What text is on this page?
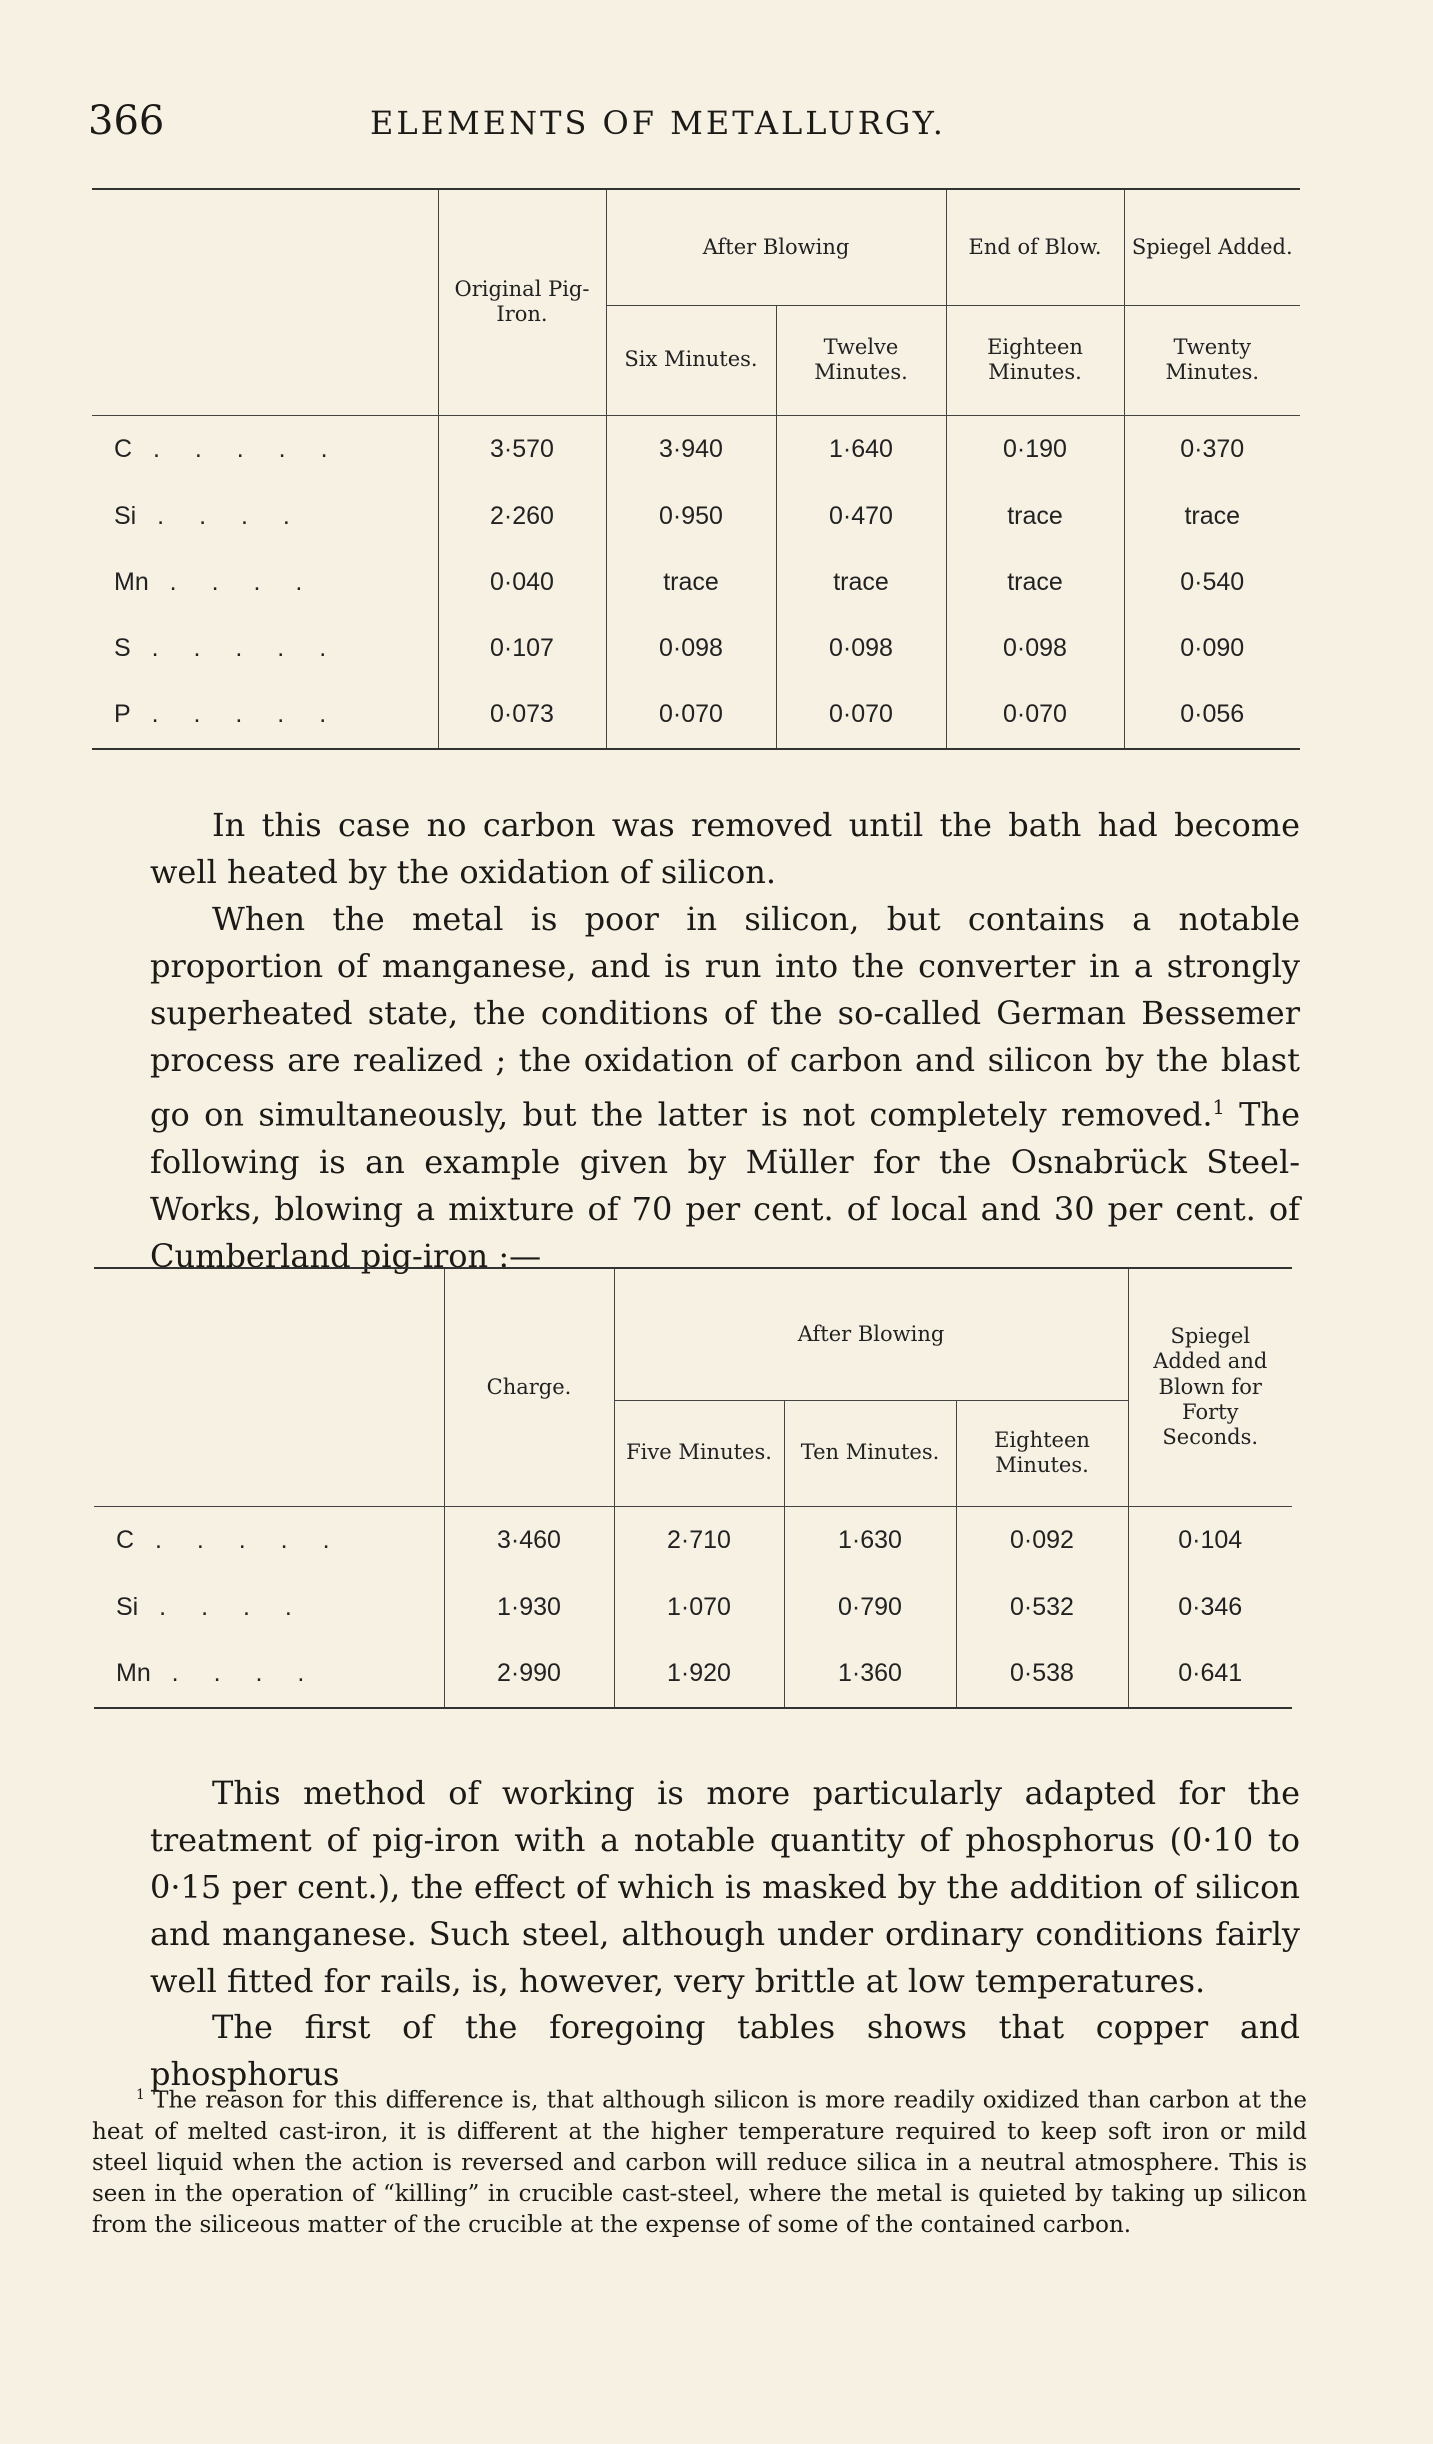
366	ELEMENTS OF METALLURGY.
	Original Pig-Iron.	After Blowing		End of Blow.	Spiegel Added.
		Six Minutes.	Twelve Minutes.	Eighteen Minutes.	Twenty Minutes.
C . . . . .	3·570	3·940	1·640	0·190	0·370
Si . . . .	2·260	0·950	0·470	trace	trace
Mn . . . .	0·040	trace	trace	trace	0·540
S . . . . .	0·107	0·098	0·098	0·098	0·090
P . . . . .	0·073	0·070	0·070	0·070	0·056
In this case no carbon was removed until the bath had become well heated by the oxidation of silicon.
When the metal is poor in silicon, but contains a notable proportion of manganese, and is run into the converter in a strongly superheated state, the conditions of the so-called German Bessemer process are realized ; the oxidation of carbon and silicon by the blast go on simultaneously, but the latter is not completely removed.$^1$ The following is an example given by Müller for the Osnabrück Steel-Works, blowing a mixture of 70 per cent. of local and 30 per cent. of Cumberland pig-iron :—
	Charge.	After Blowing			Spiegel Added and Blown for Forty Seconds.
		Five Minutes.	Ten Minutes.	Eighteen Minutes.	
C . . . . .	3·460	2·710	1·630	0·092	0·104
Si . . . .	1·930	1·070	0·790	0·532	0·346
Mn . . . .	2·990	1·920	1·360	0·538	0·641
This method of working is more particularly adapted for the treatment of pig-iron with a notable quantity of phosphorus (0·10 to 0·15 per cent.), the effect of which is masked by the addition of silicon and manganese. Such steel, although under ordinary conditions fairly well fitted for rails, is, however, very brittle at low temperatures.
The first of the foregoing tables shows that copper and phosphorus
$^1$ The reason for this difference is, that although silicon is more readily oxidized than carbon at the heat of melted cast-iron, it is different at the higher temperature required to keep soft iron or mild steel liquid when the action is reversed and carbon will reduce silica in a neutral atmosphere. This is seen in the operation of “killing” in crucible cast-steel, where the metal is quieted by taking up silicon from the siliceous matter of the crucible at the expense of some of the contained carbon.
